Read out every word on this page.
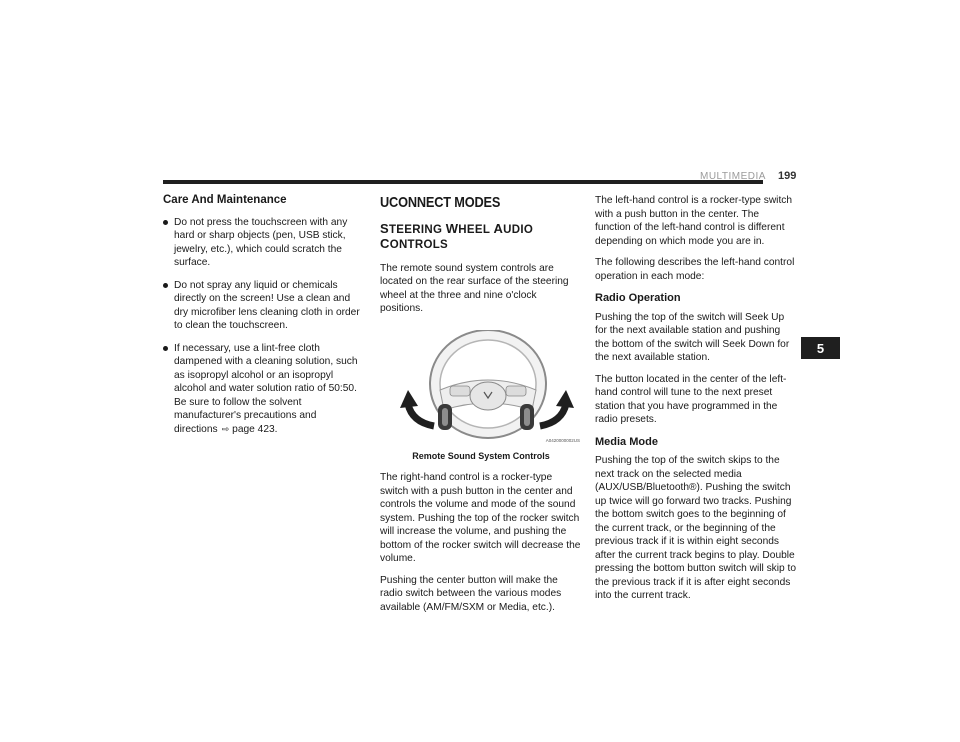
MULTIMEDIA 199
5
Care And Maintenance
Do not press the touchscreen with any hard or sharp objects (pen, USB stick, jewelry, etc.), which could scratch the surface.
Do not spray any liquid or chemicals directly on the screen! Use a clean and dry microfiber lens cleaning cloth in order to clean the touchscreen.
If necessary, use a lint-free cloth dampened with a cleaning solution, such as isopropyl alcohol or an isopropyl alcohol and water solution ratio of 50:50. Be sure to follow the solvent manufacturer's precautions and directions ⇨ page 423.
UCONNECT MODES
STEERING WHEEL AUDIO CONTROLS

The remote sound system controls are located on the rear surface of the steering wheel at the three and nine o'clock positions.

A0420000002US
Remote Sound System Controls

The right-hand control is a rocker-type switch with a push button in the center and controls the volume and mode of the sound system. Pushing the top of the rocker switch will increase the volume, and pushing the bottom of the rocker switch will decrease the volume.

Pushing the center button will make the radio switch between the various modes available (AM/FM/SXM or Media, etc.).

The left-hand control is a rocker-type switch with a push button in the center. The function of the left-hand control is different depending on which mode you are in.

The following describes the left-hand control operation in each mode:

Radio Operation

Pushing the top of the switch will Seek Up for the next available station and pushing the bottom of the switch will Seek Down for the next available station.

The button located in the center of the left-hand control will tune to the next preset station that you have programmed in the radio presets.

Media Mode

Pushing the top of the switch skips to the next track on the selected media (AUX/USB/Bluetooth®). Pushing the switch up twice will go forward two tracks. Pushing the bottom switch goes to the beginning of the current track, or the beginning of the previous track if it is within eight seconds after the current track begins to play. Double pressing the bottom button switch will skip to the previous track if it is after eight seconds into the current track.
